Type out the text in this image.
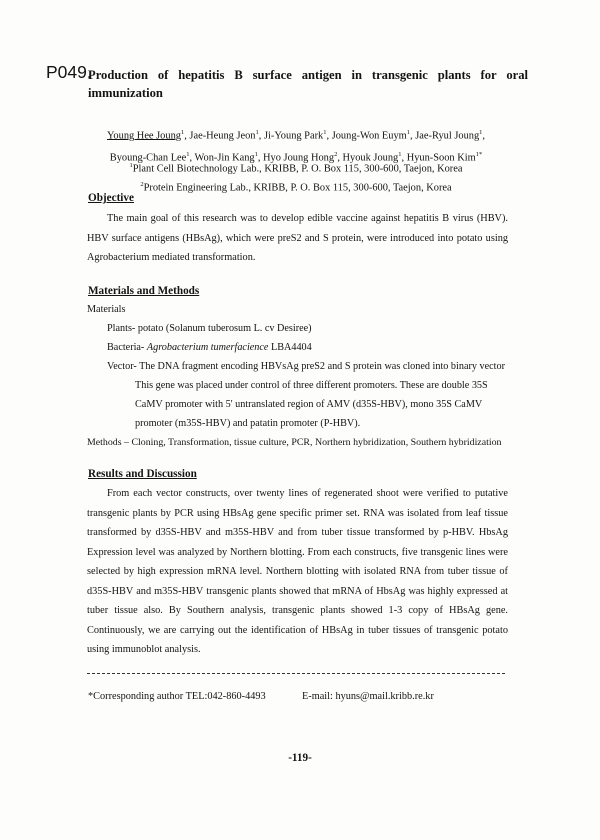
P049.
Production of hepatitis B surface antigen in transgenic plants for oral
immunization
Young Hee Joung$^1$, Jae-Heung Jeon$^1$, Ji-Young Park$^1$, Joung-Won Euym$^1$, Jae-Ryul Joung$^1$,
Byoung-Chan Lee$^1$, Won-Jin Kang$^1$, Hyo Joung Hong$^2$, Hyouk Joung$^1$, Hyun-Soon Kim$^{1*}$
$^1$Plant Cell Biotechnology Lab., KRIBB, P. O. Box 115, 300-600, Taejon, Korea
$^2$Protein Engineering Lab., KRIBB, P. O. Box 115, 300-600, Taejon, Korea
Objective
The main goal of this research was to develop edible vaccine against hepatitis B virus (HBV). HBV surface antigens (HBsAg), which were preS2 and S protein, were introduced into potato using Agrobacterium mediated transformation.
Materials and Methods
Materials
Plants- potato (Solanum tuberosum L. cv Desiree)
Bacteria- Agrobacterium tumerfacience LBA4404
Vector- The DNA fragment encoding HBVsAg preS2 and S protein was cloned into binary vector
This gene was placed under control of three different promoters. These are double 35S
CaMV promoter with 5' untranslated region of AMV (d35S-HBV), mono 35S CaMV
promoter (m35S-HBV) and patatin promoter (P-HBV).
Methods – Cloning, Transformation, tissue culture, PCR, Northern hybridization, Southern hybridization
Results and Discussion
From each vector constructs, over twenty lines of regenerated shoot were verified to putative transgenic plants by PCR using HBsAg gene specific primer set. RNA was isolated from leaf tissue transformed by d35S-HBV and m35S-HBV and from tuber tissue transformed by p-HBV. HbsAg Expression level was analyzed by Northern blotting. From each constructs, five transgenic lines were selected by high expression mRNA level. Northern blotting with isolated RNA from tuber tissue of d35S-HBV and m35S-HBV transgenic plants showed that mRNA of HbsAg was highly expressed at tuber tissue also. By Southern analysis, transgenic plants showed 1-3 copy of HBsAg gene. Continuously, we are carrying out the identification of HBsAg in tuber tissues of transgenic potato using immunoblot analysis.
*Corresponding author TEL:042-860-4493	E-mail: hyuns@mail.kribb.re.kr
-119-
